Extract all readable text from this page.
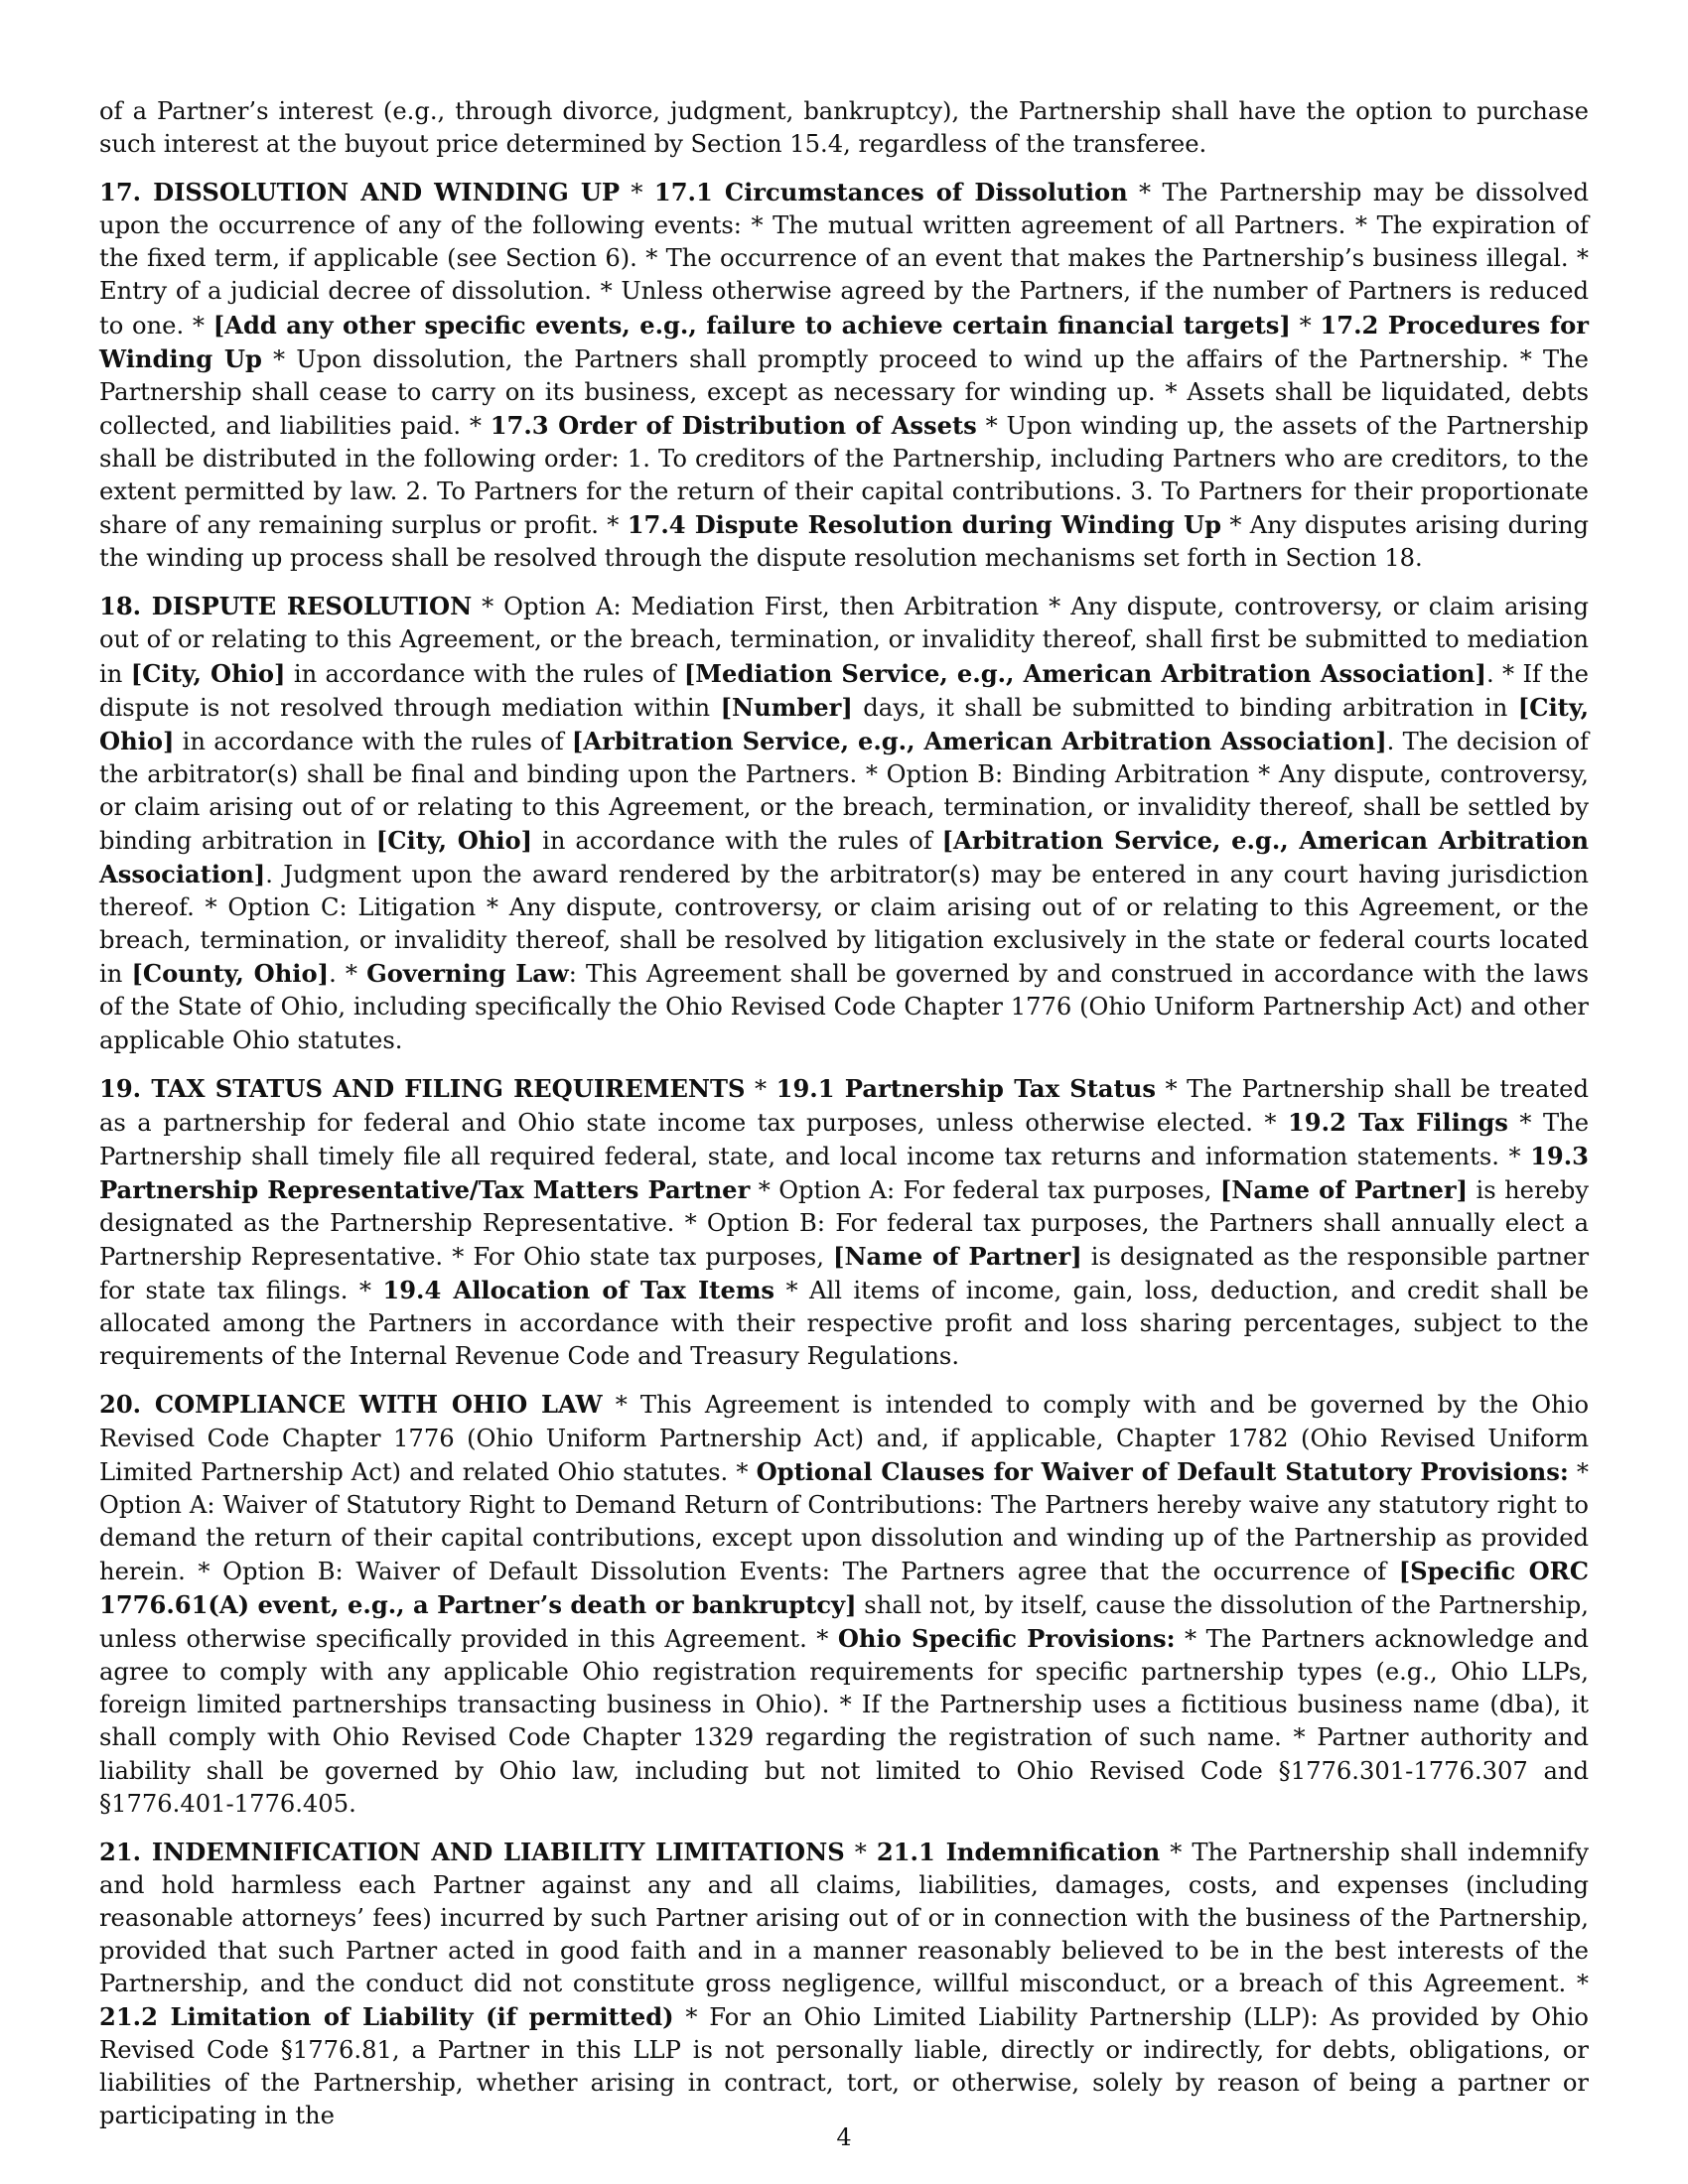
of a Partner’s interest (e.g., through divorce, judgment, bankruptcy), the Partnership shall have the option to purchase such interest at the buyout price determined by Section 15.4, regardless of the transferee.

17. DISSOLUTION AND WINDING UP * 17.1 Circumstances of Dissolution * The Partnership may be dissolved upon the occurrence of any of the following events: * The mutual written agreement of all Partners. * The expiration of the fixed term, if applicable (see Section 6). * The occurrence of an event that makes the Partnership’s business illegal. * Entry of a judicial decree of dissolution. * Unless otherwise agreed by the Partners, if the number of Partners is reduced to one. * [Add any other specific events, e.g., failure to achieve certain financial targets] * 17.2 Procedures for Winding Up * Upon dissolution, the Partners shall promptly proceed to wind up the affairs of the Partnership. * The Partnership shall cease to carry on its business, except as necessary for winding up. * Assets shall be liquidated, debts collected, and liabilities paid. * 17.3 Order of Distribution of Assets * Upon winding up, the assets of the Partnership shall be distributed in the following order: 1. To creditors of the Partnership, including Partners who are creditors, to the extent permitted by law. 2. To Partners for the return of their capital contributions. 3. To Partners for their proportionate share of any remaining surplus or profit. * 17.4 Dispute Resolution during Winding Up * Any disputes arising during the winding up process shall be resolved through the dispute resolution mechanisms set forth in Section 18.

18. DISPUTE RESOLUTION * Option A: Mediation First, then Arbitration * Any dispute, controversy, or claim arising out of or relating to this Agreement, or the breach, termination, or invalidity thereof, shall first be submitted to mediation in [City, Ohio] in accordance with the rules of [Mediation Service, e.g., American Arbitration Association]. * If the dispute is not resolved through mediation within [Number] days, it shall be submitted to binding arbitration in [City, Ohio] in accordance with the rules of [Arbitration Service, e.g., American Arbitration Association]. The decision of the arbitrator(s) shall be final and binding upon the Partners. * Option B: Binding Arbitration * Any dispute, controversy, or claim arising out of or relating to this Agreement, or the breach, termination, or invalidity thereof, shall be settled by binding arbitration in [City, Ohio] in accordance with the rules of [Arbitration Service, e.g., American Arbitration Association]. Judgment upon the award rendered by the arbitrator(s) may be entered in any court having jurisdiction thereof. * Option C: Litigation * Any dispute, controversy, or claim arising out of or relating to this Agreement, or the breach, termination, or invalidity thereof, shall be resolved by litigation exclusively in the state or federal courts located in [County, Ohio]. * Governing Law: This Agreement shall be governed by and construed in accordance with the laws of the State of Ohio, including specifically the Ohio Revised Code Chapter 1776 (Ohio Uniform Partnership Act) and other applicable Ohio statutes.

19. TAX STATUS AND FILING REQUIREMENTS * 19.1 Partnership Tax Status * The Partnership shall be treated as a partnership for federal and Ohio state income tax purposes, unless otherwise elected. * 19.2 Tax Filings * The Partnership shall timely file all required federal, state, and local income tax returns and information statements. * 19.3 Partnership Representative/Tax Matters Partner * Option A: For federal tax purposes, [Name of Partner] is hereby designated as the Partnership Representative. * Option B: For federal tax purposes, the Partners shall annually elect a Partnership Representative. * For Ohio state tax purposes, [Name of Partner] is designated as the responsible partner for state tax filings. * 19.4 Allocation of Tax Items * All items of income, gain, loss, deduction, and credit shall be allocated among the Partners in accordance with their respective profit and loss sharing percentages, subject to the requirements of the Internal Revenue Code and Treasury Regulations.

20. COMPLIANCE WITH OHIO LAW * This Agreement is intended to comply with and be governed by the Ohio Revised Code Chapter 1776 (Ohio Uniform Partnership Act) and, if applicable, Chapter 1782 (Ohio Revised Uniform Limited Partnership Act) and related Ohio statutes. * Optional Clauses for Waiver of Default Statutory Provisions: * Option A: Waiver of Statutory Right to Demand Return of Contributions: The Partners hereby waive any statutory right to demand the return of their capital contributions, except upon dissolution and winding up of the Partnership as provided herein. * Option B: Waiver of Default Dissolution Events: The Partners agree that the occurrence of [Specific ORC 1776.61(A) event, e.g., a Partner’s death or bankruptcy] shall not, by itself, cause the dissolution of the Partnership, unless otherwise specifically provided in this Agreement. * Ohio Specific Provisions: * The Partners acknowledge and agree to comply with any applicable Ohio registration requirements for specific partnership types (e.g., Ohio LLPs, foreign limited partnerships transacting business in Ohio). * If the Partnership uses a fictitious business name (dba), it shall comply with Ohio Revised Code Chapter 1329 regarding the registration of such name. * Partner authority and liability shall be governed by Ohio law, including but not limited to Ohio Revised Code §1776.301-1776.307 and §1776.401-1776.405.

21. INDEMNIFICATION AND LIABILITY LIMITATIONS * 21.1 Indemnification * The Partnership shall indemnify and hold harmless each Partner against any and all claims, liabilities, damages, costs, and expenses (including reasonable attorneys’ fees) incurred by such Partner arising out of or in connection with the business of the Partnership, provided that such Partner acted in good faith and in a manner reasonably believed to be in the best interests of the Partnership, and the conduct did not constitute gross negligence, willful misconduct, or a breach of this Agreement. * 21.2 Limitation of Liability (if permitted) * For an Ohio Limited Liability Partnership (LLP): As provided by Ohio Revised Code §1776.81, a Partner in this LLP is not personally liable, directly or indirectly, for debts, obligations, or liabilities of the Partnership, whether arising in contract, tort, or otherwise, solely by reason of being a partner or participating in the

4
